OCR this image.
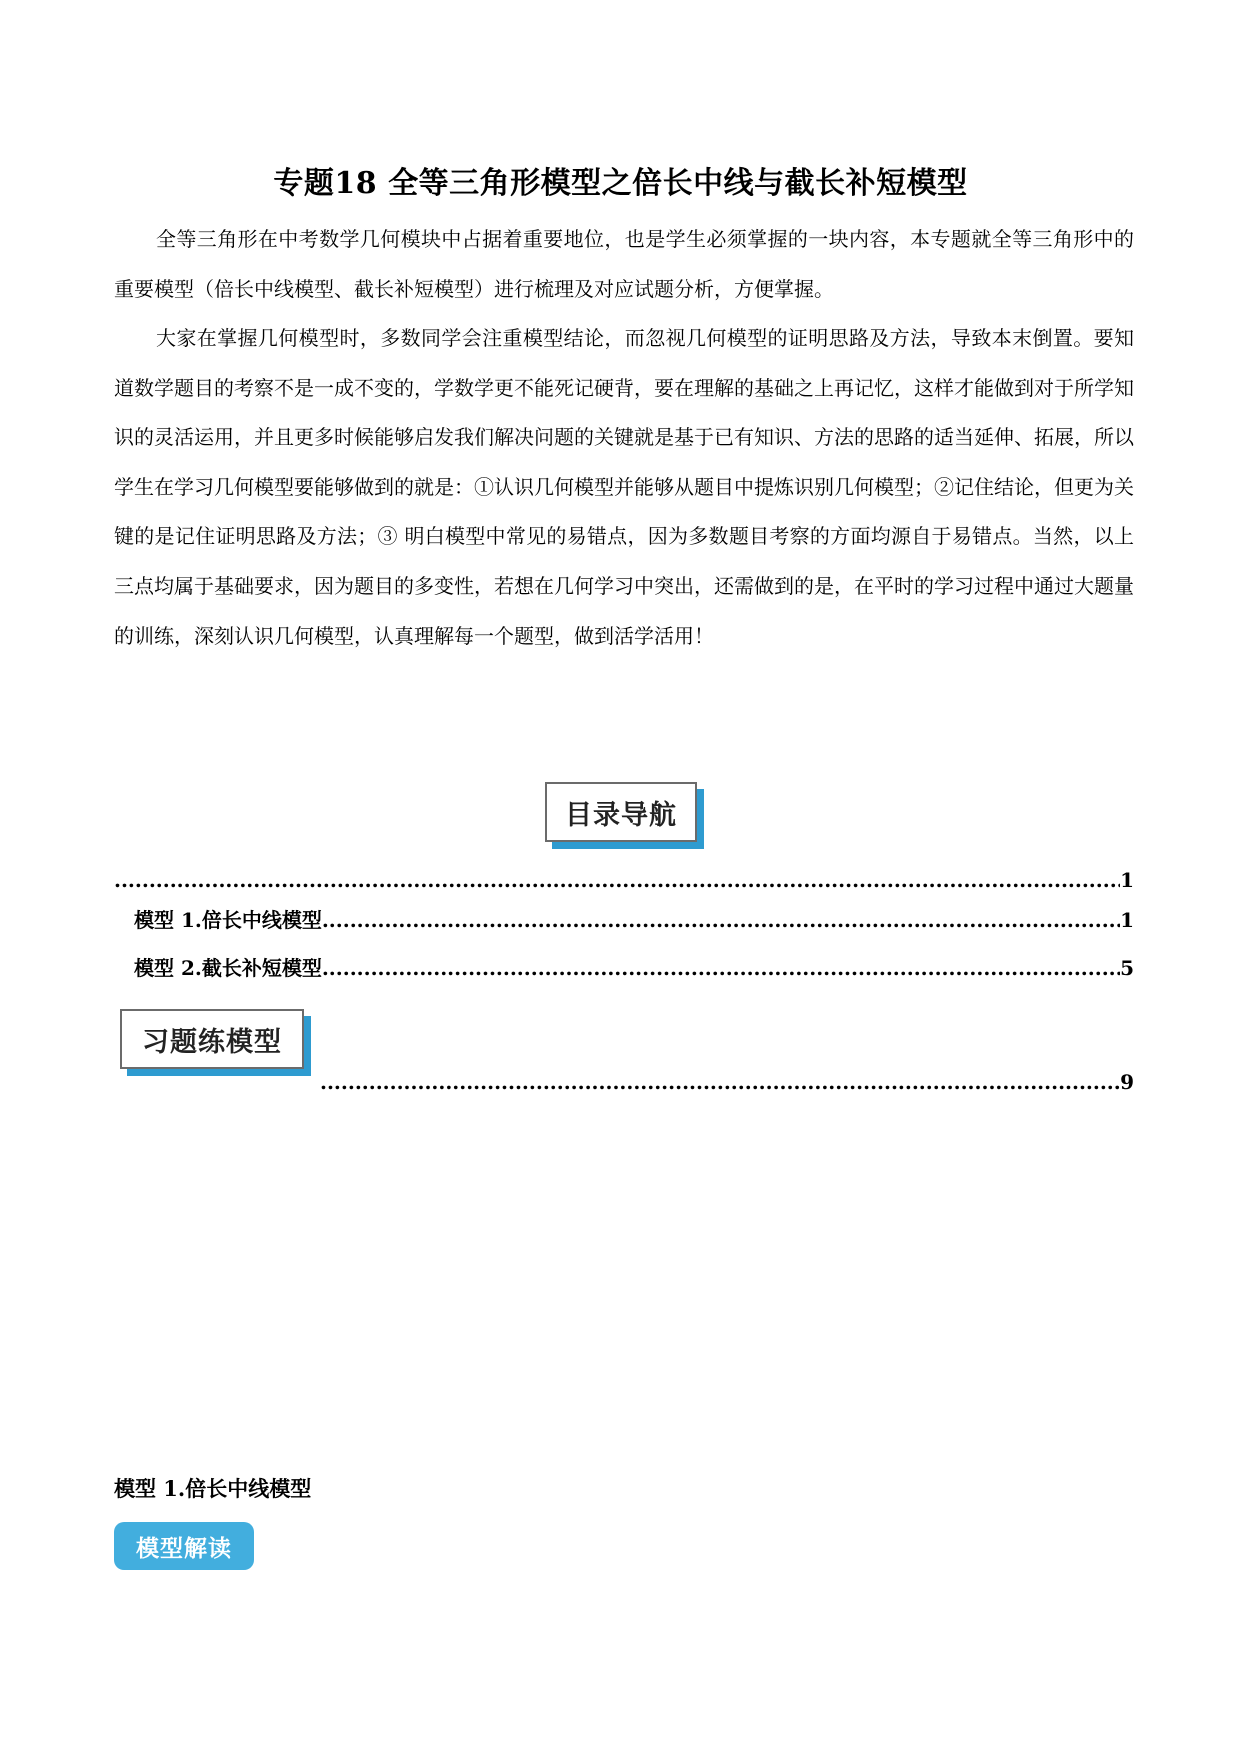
专题18 全等三角形模型之倍长中线与截长补短模型
全等三角形在中考数学几何模块中占据着重要地位，也是学生必须掌握的一块内容，本专题就全等三角形中的重要模型（倍长中线模型、截长补短模型）进行梳理及对应试题分析，方便掌握。
大家在掌握几何模型时，多数同学会注重模型结论，而忽视几何模型的证明思路及方法，导致本末倒置。要知道数学题目的考察不是一成不变的，学数学更不能死记硬背，要在理解的基础之上再记忆，这样才能做到对于所学知识的灵活运用，并且更多时候能够启发我们解决问题的关键就是基于已有知识、方法的思路的适当延伸、拓展，所以学生在学习几何模型要能够做到的就是：①认识几何模型并能够从题目中提炼识别几何模型；②记住结论，但更为关键的是记住证明思路及方法；③ 明白模型中常见的易错点，因为多数题目考察的方面均源自于易错点。当然，以上三点均属于基础要求，因为题目的多变性，若想在几何学习中突出，还需做到的是，在平时的学习过程中通过大题量的训练，深刻认识几何模型，认真理解每一个题型，做到活学活用！
目录导航
.....
1
模型 1.倍长中线模型 .....	1
模型 2.截长补短模型 .....	5
习题练模型
.....
9
模型 1.倍长中线模型
模型解读
